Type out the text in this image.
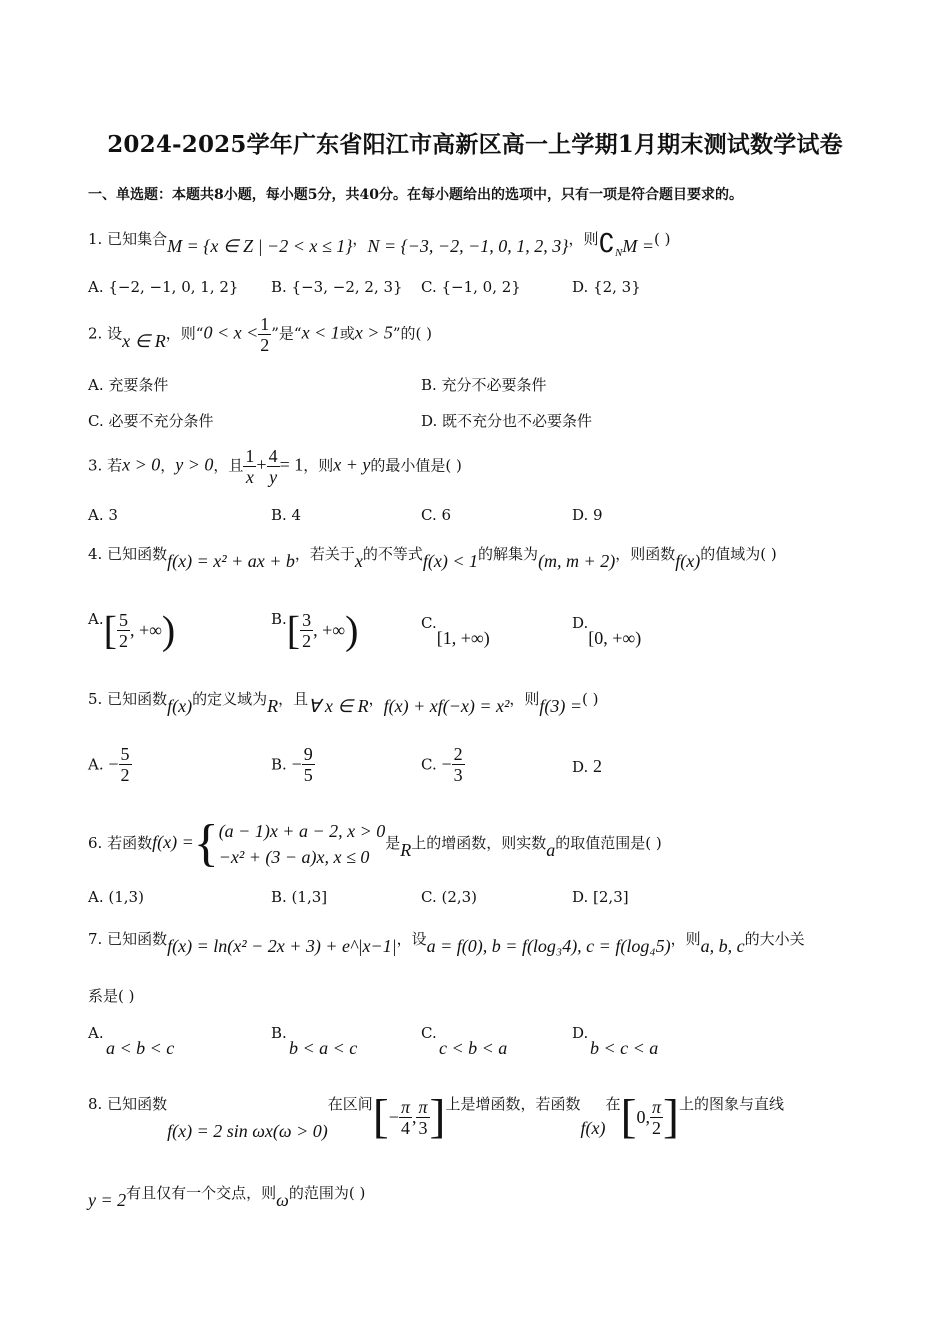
2024-2025学年广东省阳江市高新区高一上学期1月期末测试数学试卷
一、单选题：本题共8小题，每小题5分，共40分。在每小题给出的选项中，只有一项是符合题目要求的。
1. 已知集合M = {x ∈ Z | −2 < x ≤ 1}，N = {−3, −2, −1, 0, 1, 2, 3}，则$∁_NM$ =( )
A. {−2, −1, 0, 1, 2} B. {−3, −2, 2, 3} C. {−1, 0, 2}	D. {2, 3}
2. 设x ∈ R，则“$0 < x < \frac{1}{2}$ ”是“x < 1或x > 5”的( )
A. 充要条件	B. 充分不必要条件
C. 必要不充分条件	D. 既不充分也不必要条件
3. 若x > 0，y > 0，且 $\frac{1}{x} + \frac{4}{y} = 1$，则x + y的最小值是( )
A. 3	B. 4	C. 6	D. 9
4. 已知函数f(x) = x² + ax + b，若关于x的不等式f(x) < 1的解集为(m, m + 2)，则函数f(x)的值域为( )
$A.[ \frac{5}{2}$ , +∞)	$B.[ \frac{3}{2}$ , +∞)	C.[1, +∞)
D.[0, +∞)
5. 已知函数f(x)的定义域为R，且∀ x ∈ R，f(x) + xf(−x) = x²，则f(3) =( )
A. − $\frac{5}{2}$	B. − $\frac{9}{5}$	C. − $\frac{2}{3}$	D. 2
6. 若函数f(x) ={ (a − 1)x + a − 2, x > 0
−x² + (3 − a)x, x ≤ 0
是R上的增函数，则实数a的取值范围是( )
A. (1,3)	B. (1,3]	C. (2,3)	D. [2,3]
7. 已知函数f(x) = ln(x² − 2x + 3) + e^|x−1|，设a = f(0), b = f(log₃4), c = f(log₄5)，则a, b, c的大小关
系是( )
A.
a < b < c
B.
b < a < c
C.
c < b < a
D.
b < c < a
8. 已知函数f(x) = 2 sin ωx(ω > 0)在区间[− $\frac{\pi}{4}$ , $\frac{\pi}{3}$ ]上是增函数，若函数f(x)在[0, $\frac{\pi}{2}$ ]上的图象与直线
y = 2有且仅有一个交点，则ω的范围为( )
